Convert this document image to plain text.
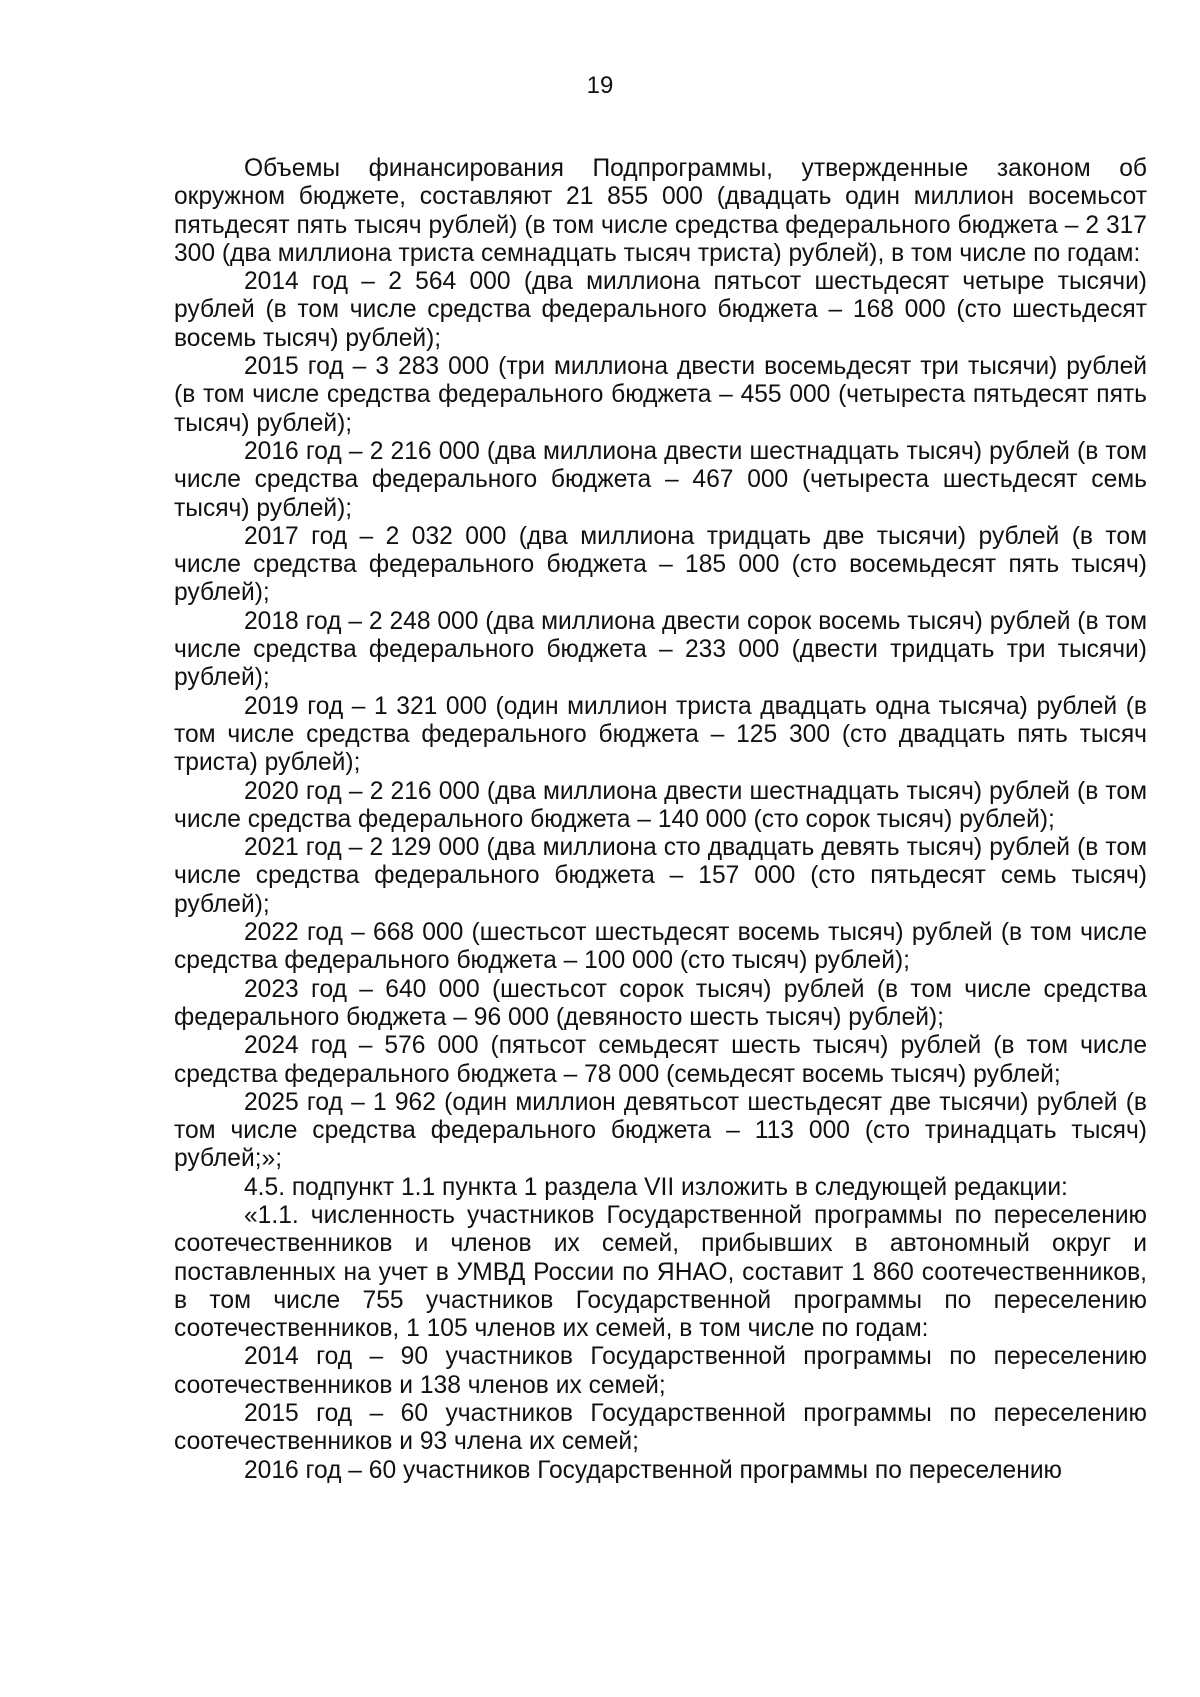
19

Объемы финансирования Подпрограммы, утвержденные законом об окружном бюджете, составляют 21 855 000 (двадцать один миллион восемьсот пятьдесят пять тысяч рублей) (в том числе средства федерального бюджета – 2 317 300 (два миллиона триста семнадцать тысяч триста) рублей), в том числе по годам:

2014 год – 2 564 000 (два миллиона пятьсот шестьдесят четыре тысячи) рублей (в том числе средства федерального бюджета – 168 000 (сто шестьдесят восемь тысяч) рублей);

2015 год – 3 283 000 (три миллиона двести восемьдесят три тысячи) рублей (в том числе средства федерального бюджета – 455 000 (четыреста пятьдесят пять тысяч) рублей);

2016 год – 2 216 000 (два миллиона двести шестнадцать тысяч) рублей (в том числе средства федерального бюджета – 467 000 (четыреста шестьдесят семь тысяч) рублей);

2017 год – 2 032 000 (два миллиона тридцать две тысячи) рублей (в том числе средства федерального бюджета – 185 000 (сто восемьдесят пять тысяч) рублей);

2018 год – 2 248 000 (два миллиона двести сорок восемь тысяч) рублей (в том числе средства федерального бюджета – 233 000 (двести тридцать три тысячи) рублей);

2019 год – 1 321 000 (один миллион триста двадцать одна тысяча) рублей (в том числе средства федерального бюджета – 125 300 (сто двадцать пять тысяч триста) рублей);

2020 год – 2 216 000 (два миллиона двести шестнадцать тысяч) рублей (в том числе средства федерального бюджета – 140 000 (сто сорок тысяч) рублей);

2021 год – 2 129 000 (два миллиона сто двадцать девять тысяч) рублей (в том числе средства федерального бюджета – 157 000 (сто пятьдесят семь тысяч) рублей);

2022 год – 668 000 (шестьсот шестьдесят восемь тысяч) рублей (в том числе средства федерального бюджета – 100 000 (сто тысяч) рублей);

2023 год – 640 000 (шестьсот сорок тысяч) рублей (в том числе средства федерального бюджета – 96 000 (девяносто шесть тысяч) рублей);

2024 год – 576 000 (пятьсот семьдесят шесть тысяч) рублей (в том числе средства федерального бюджета – 78 000 (семьдесят восемь тысяч) рублей;

2025 год – 1 962 (один миллион девятьсот шестьдесят две тысячи) рублей (в том числе средства федерального бюджета – 113 000 (сто тринадцать тысяч) рублей;»;

4.5. подпункт 1.1 пункта 1 раздела VII изложить в следующей редакции:

«1.1. численность участников Государственной программы по переселению соотечественников и членов их семей, прибывших в автономный округ и поставленных на учет в УМВД России по ЯНАО, составит 1 860 соотечественников, в том числе 755 участников Государственной программы по переселению соотечественников, 1 105 членов их семей, в том числе по годам:

2014 год – 90 участников Государственной программы по переселению соотечественников и 138 членов их семей;

2015 год – 60 участников Государственной программы по переселению соотечественников и 93 члена их семей;

2016 год – 60 участников Государственной программы по переселению
